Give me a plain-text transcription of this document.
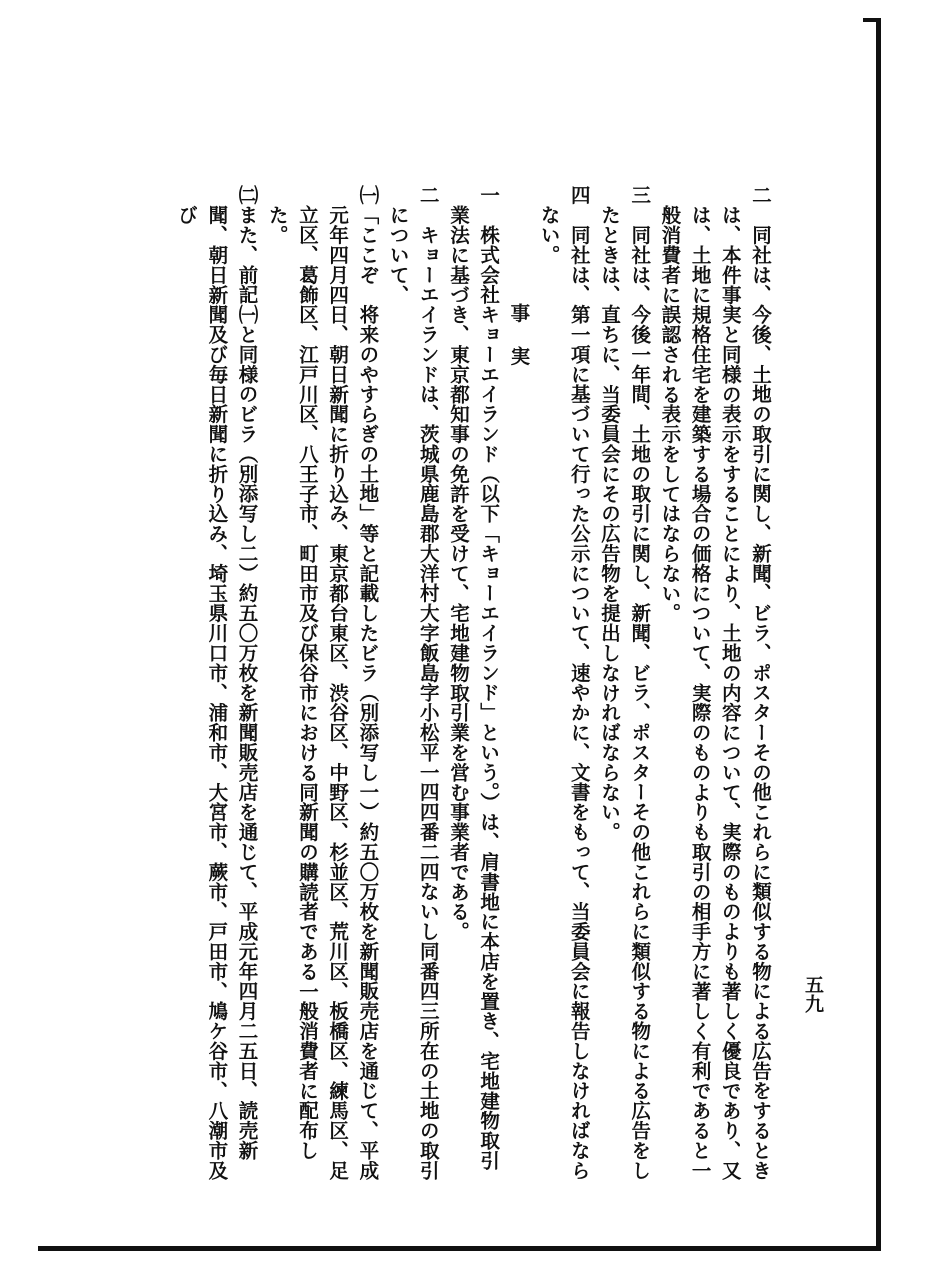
二　同社は、今後、土地の取引に関し、新聞、ビラ、ポスターその他これらに類似する物による広告をするときは、本件事実と同様の表示をすることにより、土地の内容について、実際のものよりも著しく優良であり、又は、土地に規格住宅を建築する場合の価格について、実際のものよりも取引の相手方に著しく有利であると一般消費者に誤認される表示をしてはならない。

三　同社は、今後一年間、土地の取引に関し、新聞、ビラ、ポスターその他これらに類似する物による広告をしたときは、直ちに、当委員会にその広告物を提出しなければならない。

四　同社は、第一項に基づいて行った公示について、速やかに、文書をもって、当委員会に報告しなければならない。

事実

一　株式会社キョーエイランド（以下「キョーエイランド」という。）は、肩書地に本店を置き、宅地建物取引業法に基づき、東京都知事の免許を受けて、宅地建物取引業を営む事業者である。

二　キョーエイランドは、茨城県鹿島郡大洋村大字飯島字小松平一四四番二四ないし同番四三所在の土地の取引について、

㈠「ここぞ　将来のやすらぎの土地」等と記載したビラ（別添写し一）約五〇万枚を新聞販売店を通じて、平成元年四月四日、朝日新聞に折り込み、東京都台東区、渋谷区、中野区、杉並区、荒川区、板橋区、練馬区、足立区、葛飾区、江戸川区、八王子市、町田市及び保谷市における同新聞の購読者である一般消費者に配布した。

㈡また、前記㈠と同様のビラ（別添写し二）約五〇万枚を新聞販売店を通じて、平成元年四月二五日、読売新聞、朝日新聞及び毎日新聞に折り込み、埼玉県川口市、浦和市、大宮市、蕨市、戸田市、鳩ケ谷市、八潮市及び

五九
